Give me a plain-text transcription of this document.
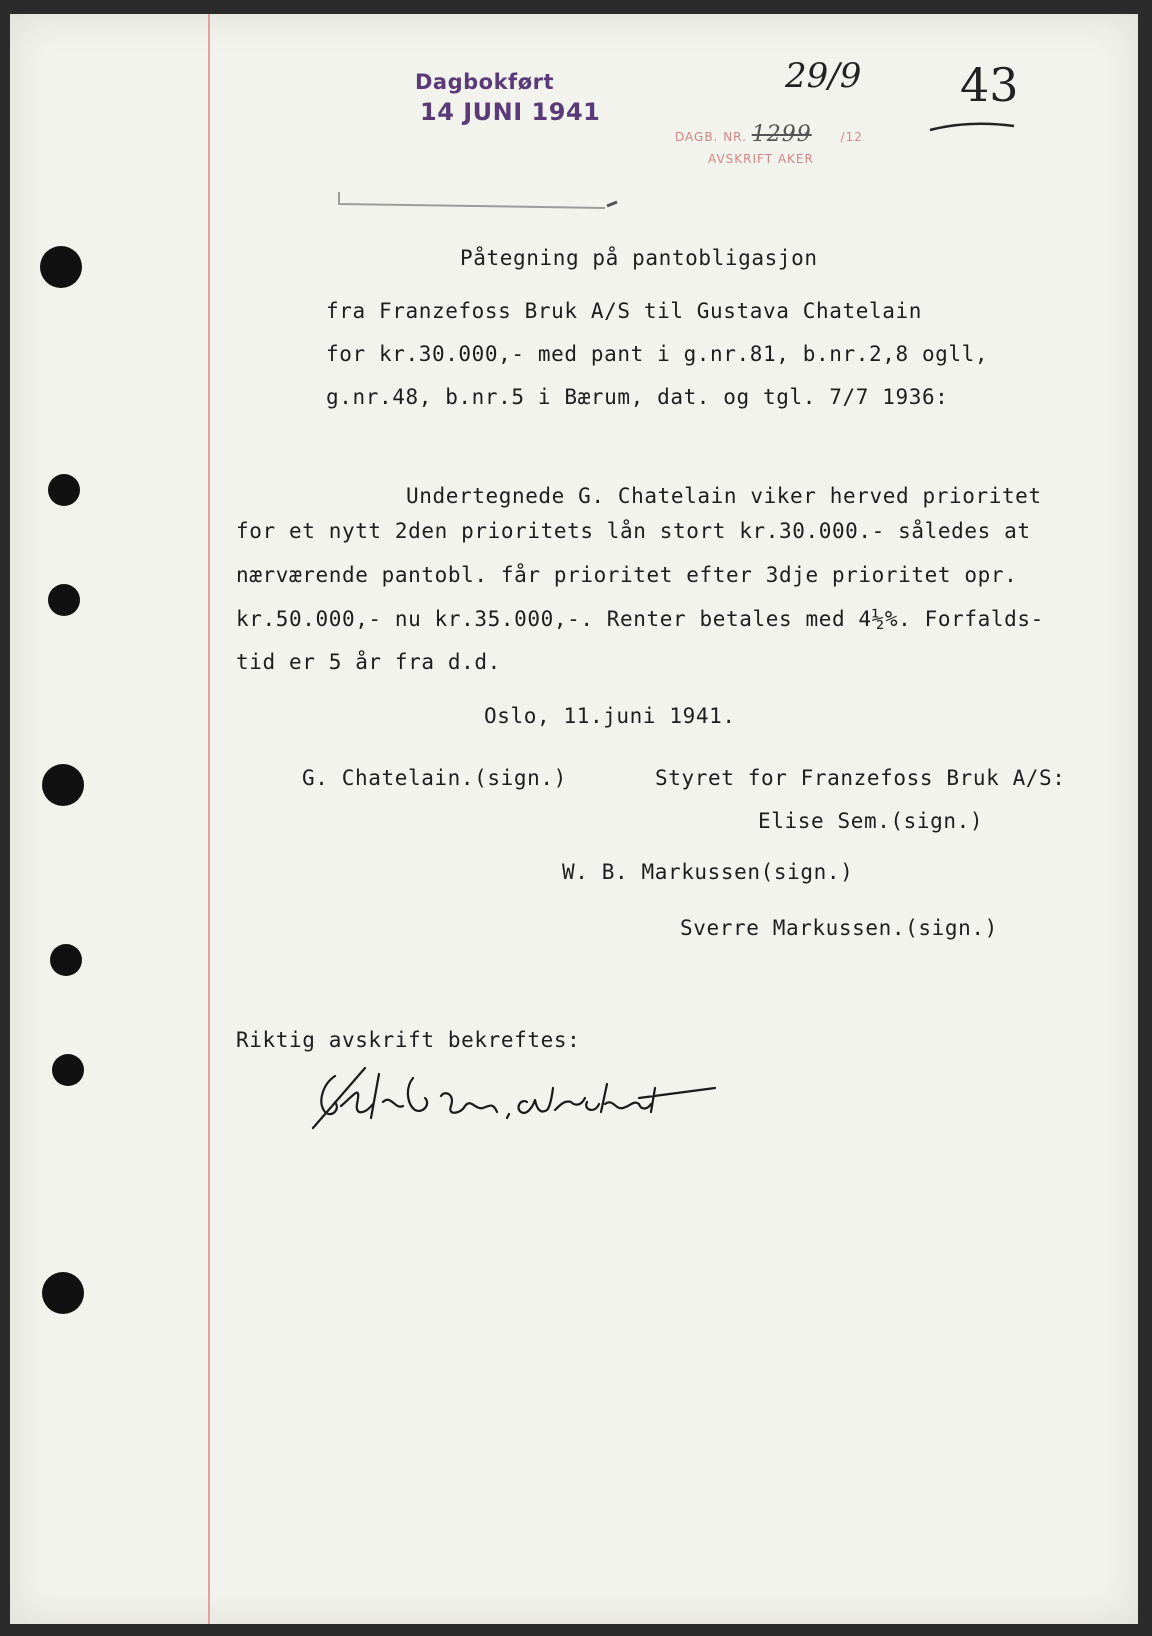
Dagbokført
14 JUNI 1941
DAGB. NR. 1299 /12
AVSKRIFT AKER
29/9 43
Påtegning på pantobligasjon
fra Franzefoss Bruk A/S til Gustava Chatelain
for kr.30.000,- med pant i g.nr.81, b.nr.2,8 ogll,
g.nr.48, b.nr.5 i Bærum, dat. og tgl. 7/7 1936:
Undertegnede G. Chatelain viker herved prioritet
for et nytt 2den prioritets lån stort kr.30.000.- således at
nærværende pantobl. får prioritet efter 3dje prioritet opr.
kr.50.000,- nu kr.35.000,-. Renter betales med 4½%. Forfalds-
tid er 5 år fra d.d.
Oslo, 11.juni 1941.
G. Chatelain.(sign.)	Styret for Franzefoss Bruk A/S:
Elise Sem.(sign.)
W. B. Markussen(sign.)
Sverre Markussen.(sign.)
Riktig avskrift bekreftes:
